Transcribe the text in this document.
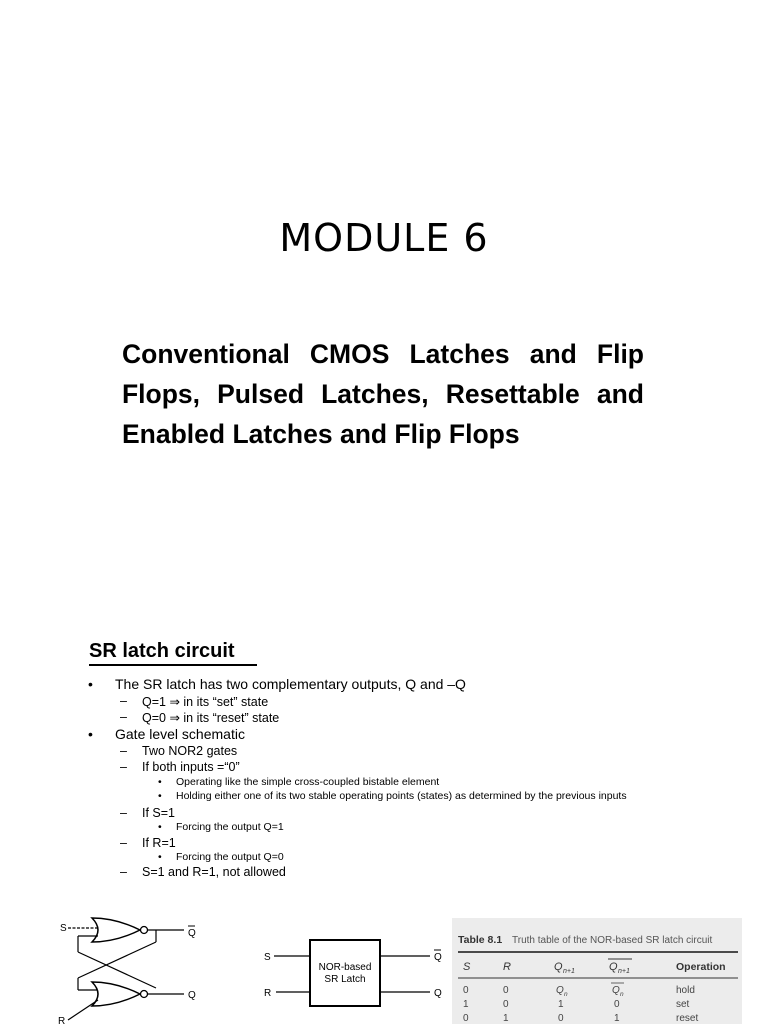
MODULE 6
Conventional CMOS Latches and Flip Flops, Pulsed Latches, Resettable and Enabled Latches and Flip Flops
SR latch circuit
• The SR latch has two complementary outputs, Q and –Q
– Q=1 ⇒ in its “set” state
– Q=0 ⇒ in its “reset” state
• Gate level schematic
– Two NOR2 gates
– If both inputs =“0”
• Operating like the simple cross-coupled bistable element
• Holding either one of its two stable operating points (states) as determined by the previous inputs
– If S=1
• Forcing the output Q=1
– If R=1
• Forcing the output Q=0
– S=1 and R=1, not allowed
S	Q
Q
R
S
R
NOR-based
SR Latch
Q
Q
Table 8.1 Truth table of the NOR-based SR latch circuit
S	R	Q n+1	Q n+1	Operation
0	0	Q n	Q n	hold
1	0	1	0	set
0	1	0	1	reset
